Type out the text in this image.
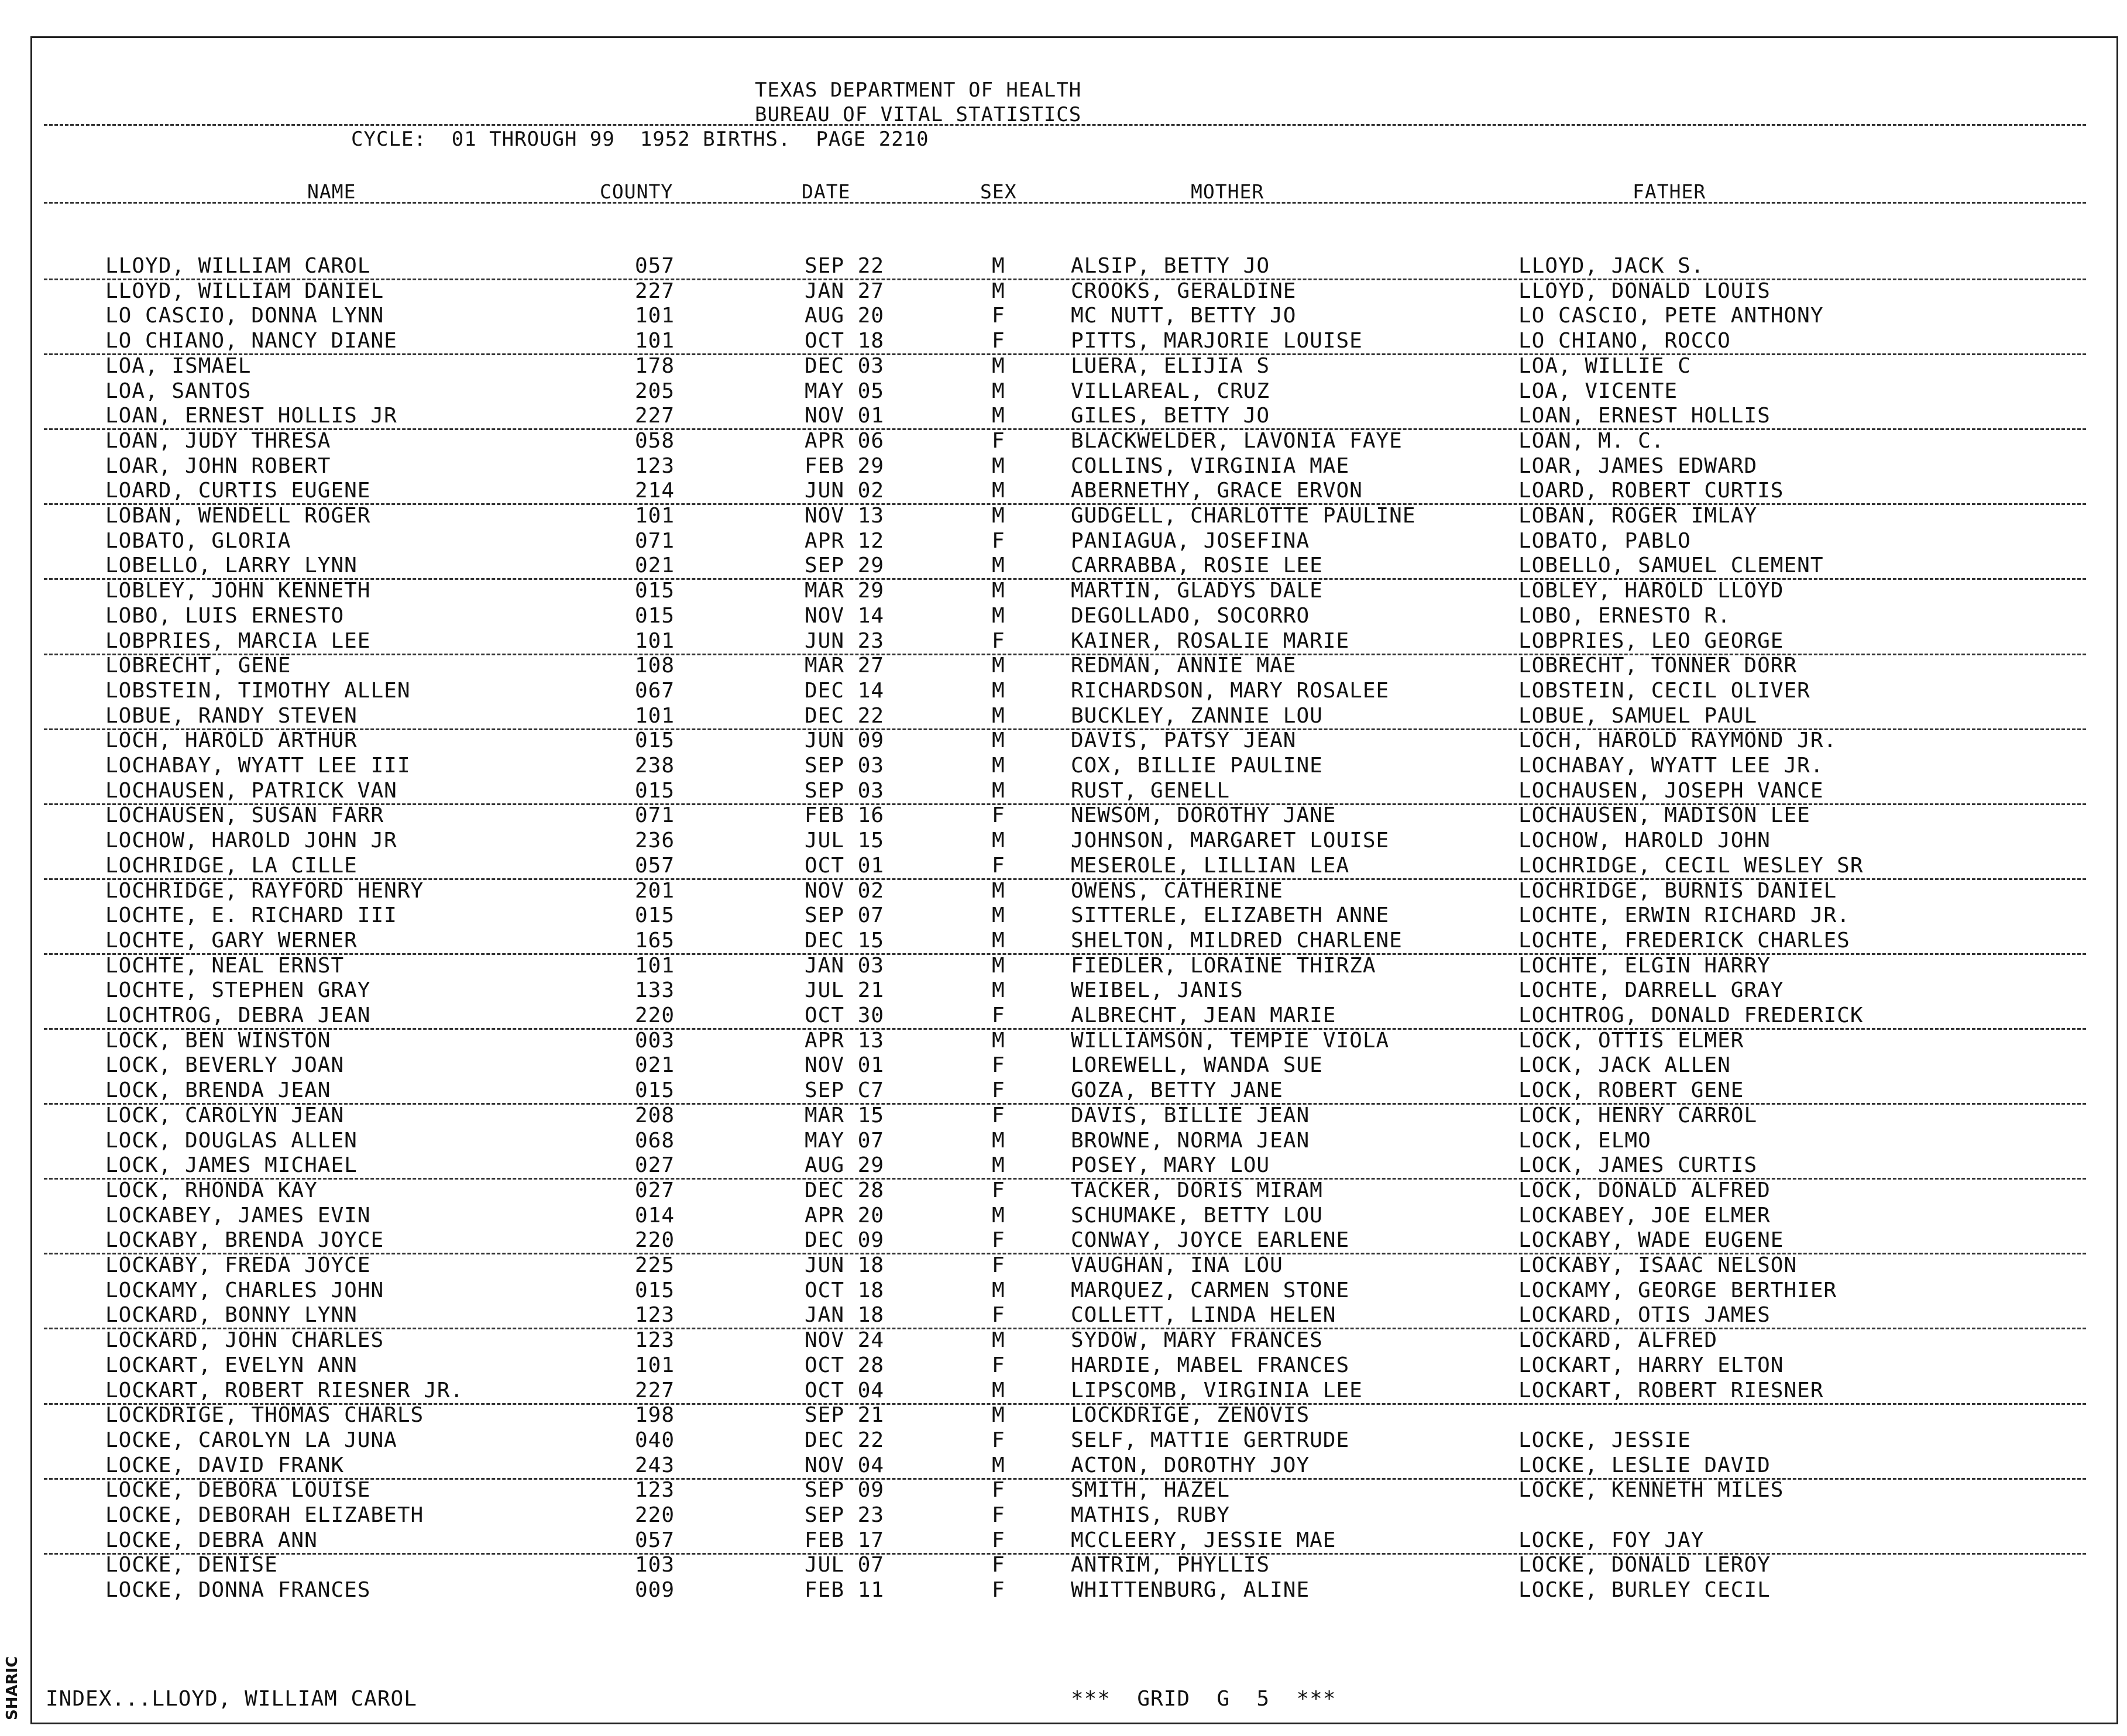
TEXAS DEPARTMENT OF HEALTH
BUREAU OF VITAL STATISTICS
CYCLE:  01 THROUGH 99  1952 BIRTHS.  PAGE 2210
NAME	COUNTY	DATE	SEX	MOTHER	FATHER
LLOYD, WILLIAM CAROL	057	SEP 22	M	ALSIP, BETTY JO	LLOYD, JACK S.
LLOYD, WILLIAM DANIEL	227	JAN 27	M	CROOKS, GERALDINE	LLOYD, DONALD LOUIS
LO CASCIO, DONNA LYNN	101	AUG 20	F	MC NUTT, BETTY JO	LO CASCIO, PETE ANTHONY
LO CHIANO, NANCY DIANE	101	OCT 18	F	PITTS, MARJORIE LOUISE	LO CHIANO, ROCCO
LOA, ISMAEL	178	DEC 03	M	LUERA, ELIJIA S	LOA, WILLIE C
LOA, SANTOS	205	MAY 05	M	VILLAREAL, CRUZ	LOA, VICENTE
LOAN, ERNEST HOLLIS JR	227	NOV 01	M	GILES, BETTY JO	LOAN, ERNEST HOLLIS
LOAN, JUDY THRESA	058	APR 06	F	BLACKWELDER, LAVONIA FAYE	LOAN, M. C.
LOAR, JOHN ROBERT	123	FEB 29	M	COLLINS, VIRGINIA MAE	LOAR, JAMES EDWARD
LOARD, CURTIS EUGENE	214	JUN 02	M	ABERNETHY, GRACE ERVON	LOARD, ROBERT CURTIS
LOBAN, WENDELL ROGER	101	NOV 13	M	GUDGELL, CHARLOTTE PAULINE	LOBAN, ROGER IMLAY
LOBATO, GLORIA	071	APR 12	F	PANIAGUA, JOSEFINA	LOBATO, PABLO
LOBELLO, LARRY LYNN	021	SEP 29	M	CARRABBA, ROSIE LEE	LOBELLO, SAMUEL CLEMENT
LOBLEY, JOHN KENNETH	015	MAR 29	M	MARTIN, GLADYS DALE	LOBLEY, HAROLD LLOYD
LOBO, LUIS ERNESTO	015	NOV 14	M	DEGOLLADO, SOCORRO	LOBO, ERNESTO R.
LOBPRIES, MARCIA LEE	101	JUN 23	F	KAINER, ROSALIE MARIE	LOBPRIES, LEO GEORGE
LOBRECHT, GENE	108	MAR 27	M	REDMAN, ANNIE MAE	LOBRECHT, TONNER DORR
LOBSTEIN, TIMOTHY ALLEN	067	DEC 14	M	RICHARDSON, MARY ROSALEE	LOBSTEIN, CECIL OLIVER
LOBUE, RANDY STEVEN	101	DEC 22	M	BUCKLEY, ZANNIE LOU	LOBUE, SAMUEL PAUL
LOCH, HAROLD ARTHUR	015	JUN 09	M	DAVIS, PATSY JEAN	LOCH, HAROLD RAYMOND JR.
LOCHABAY, WYATT LEE III	238	SEP 03	M	COX, BILLIE PAULINE	LOCHABAY, WYATT LEE JR.
LOCHAUSEN, PATRICK VAN	015	SEP 03	M	RUST, GENELL	LOCHAUSEN, JOSEPH VANCE
LOCHAUSEN, SUSAN FARR	071	FEB 16	F	NEWSOM, DOROTHY JANE	LOCHAUSEN, MADISON LEE
LOCHOW, HAROLD JOHN JR	236	JUL 15	M	JOHNSON, MARGARET LOUISE	LOCHOW, HAROLD JOHN
LOCHRIDGE, LA CILLE	057	OCT 01	F	MESEROLE, LILLIAN LEA	LOCHRIDGE, CECIL WESLEY SR
LOCHRIDGE, RAYFORD HENRY	201	NOV 02	M	OWENS, CATHERINE	LOCHRIDGE, BURNIS DANIEL
LOCHTE, E. RICHARD III	015	SEP 07	M	SITTERLE, ELIZABETH ANNE	LOCHTE, ERWIN RICHARD JR.
LOCHTE, GARY WERNER	165	DEC 15	M	SHELTON, MILDRED CHARLENE	LOCHTE, FREDERICK CHARLES
LOCHTE, NEAL ERNST	101	JAN 03	M	FIEDLER, LORAINE THIRZA	LOCHTE, ELGIN HARRY
LOCHTE, STEPHEN GRAY	133	JUL 21	M	WEIBEL, JANIS	LOCHTE, DARRELL GRAY
LOCHTROG, DEBRA JEAN	220	OCT 30	F	ALBRECHT, JEAN MARIE	LOCHTROG, DONALD FREDERICK
LOCK, BEN WINSTON	003	APR 13	M	WILLIAMSON, TEMPIE VIOLA	LOCK, OTTIS ELMER
LOCK, BEVERLY JOAN	021	NOV 01	F	LOREWELL, WANDA SUE	LOCK, JACK ALLEN
LOCK, BRENDA JEAN	015	SEP C7	F	GOZA, BETTY JANE	LOCK, ROBERT GENE
LOCK, CAROLYN JEAN	208	MAR 15	F	DAVIS, BILLIE JEAN	LOCK, HENRY CARROL
LOCK, DOUGLAS ALLEN	068	MAY 07	M	BROWNE, NORMA JEAN	LOCK, ELMO
LOCK, JAMES MICHAEL	027	AUG 29	M	POSEY, MARY LOU	LOCK, JAMES CURTIS
LOCK, RHONDA KAY	027	DEC 28	F	TACKER, DORIS MIRAM	LOCK, DONALD ALFRED
LOCKABEY, JAMES EVIN	014	APR 20	M	SCHUMAKE, BETTY LOU	LOCKABEY, JOE ELMER
LOCKABY, BRENDA JOYCE	220	DEC 09	F	CONWAY, JOYCE EARLENE	LOCKABY, WADE EUGENE
LOCKABY, FREDA JOYCE	225	JUN 18	F	VAUGHAN, INA LOU	LOCKABY, ISAAC NELSON
LOCKAMY, CHARLES JOHN	015	OCT 18	M	MARQUEZ, CARMEN STONE	LOCKAMY, GEORGE BERTHIER
LOCKARD, BONNY LYNN	123	JAN 18	F	COLLETT, LINDA HELEN	LOCKARD, OTIS JAMES
LOCKARD, JOHN CHARLES	123	NOV 24	M	SYDOW, MARY FRANCES	LOCKARD, ALFRED
LOCKART, EVELYN ANN	101	OCT 28	F	HARDIE, MABEL FRANCES	LOCKART, HARRY ELTON
LOCKART, ROBERT RIESNER JR.	227	OCT 04	M	LIPSCOMB, VIRGINIA LEE	LOCKART, ROBERT RIESNER
LOCKDRIGE, THOMAS CHARLS	198	SEP 21	M	LOCKDRIGE, ZENOVIS
LOCKE, CAROLYN LA JUNA	040	DEC 22	F	SELF, MATTIE GERTRUDE	LOCKE, JESSIE
LOCKE, DAVID FRANK	243	NOV 04	M	ACTON, DOROTHY JOY	LOCKE, LESLIE DAVID
LOCKE, DEBORA LOUISE	123	SEP 09	F	SMITH, HAZEL	LOCKE, KENNETH MILES
LOCKE, DEBORAH ELIZABETH	220	SEP 23	F	MATHIS, RUBY
LOCKE, DEBRA ANN	057	FEB 17	F	MCCLEERY, JESSIE MAE	LOCKE, FOY JAY
LOCKE, DENISE	103	JUL 07	F	ANTRIM, PHYLLIS	LOCKE, DONALD LEROY
LOCKE, DONNA FRANCES	009	FEB 11	F	WHITTENBURG, ALINE	LOCKE, BURLEY CECIL
INDEX...LLOYD, WILLIAM CAROL	***  GRID  G  5  ***
SHARIC
